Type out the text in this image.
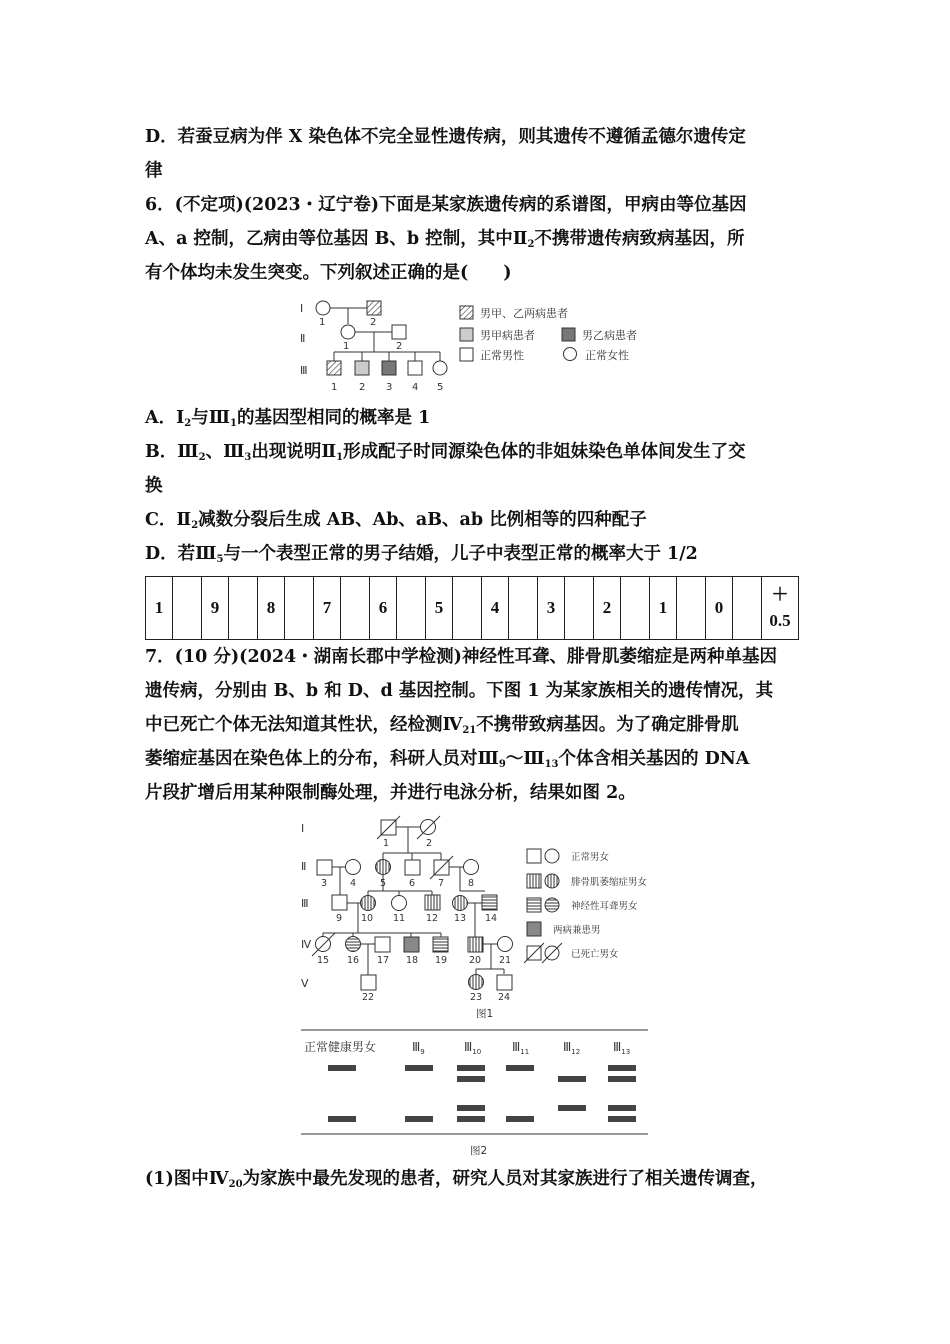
D．若蚕豆病为伴 X 染色体不完全显性遗传病，则其遗传不遵循孟德尔遗传定
律
6．(不定项)(2023・辽宁卷)下面是某家族遗传病的系谱图，甲病由等位基因
A、a 控制，乙病由等位基因 B、b 控制，其中$Ⅱ_2$不携带遗传病致病基因，所
有个体均未发生突变。下列叙述正确的是(　　)
Ⅰ
Ⅱ
Ⅲ
1	2
1	2
1 2 3 4 5
男甲、乙两病患者
男甲病患者	男乙病患者
正常男性	正常女性
A．$Ⅰ_2$与$Ⅲ_1$的基因型相同的概率是 1
B．$Ⅲ_2$、$Ⅲ_3$出现说明$Ⅱ_1$形成配子时同源染色体的非姐妹染色单体间发生了交
换
C．$Ⅱ_2$减数分裂后生成 AB、Ab、aB、ab 比例相等的四种配子
D．若$Ⅲ_5$与一个表型正常的男子结婚，儿子中表型正常的概率大于 1/2
1		9		8		7		6		5		4		3		2		1		0		＋
0.5
7．(10 分)(2024・湖南长郡中学检测)神经性耳聋、腓骨肌萎缩症是两种单基因
遗传病，分别由 B、b 和 D、d 基因控制。下图 1 为某家族相关的遗传情况，其
中已死亡个体无法知道其性状，经检测$Ⅳ_{21}$不携带致病基因。为了确定腓骨肌
萎缩症基因在染色体上的分布，科研人员对$Ⅲ_9\sim Ⅲ_{13}$个体含相关基因的 DNA
片段扩增后用某种限制酶处理，并进行电泳分析，结果如图 2。
Ⅰ
Ⅱ
Ⅲ
Ⅳ
Ⅴ
1	2
3 4	5 6 7	8
9 10 11 12 13 14
15 16 17 18 19 20 21
22	23 24
正常男女
腓骨肌萎缩症男女
神经性耳聋男女
两病兼患男
已死亡男女
图1
正常健康男女	$Ⅲ_9$	$Ⅲ_{10}$	$Ⅲ_{11}$	$Ⅲ_{12}$	$Ⅲ_{13}$
图2
(1)图中$Ⅳ_{20}$为家族中最先发现的患者，研究人员对其家族进行了相关遗传调查，
